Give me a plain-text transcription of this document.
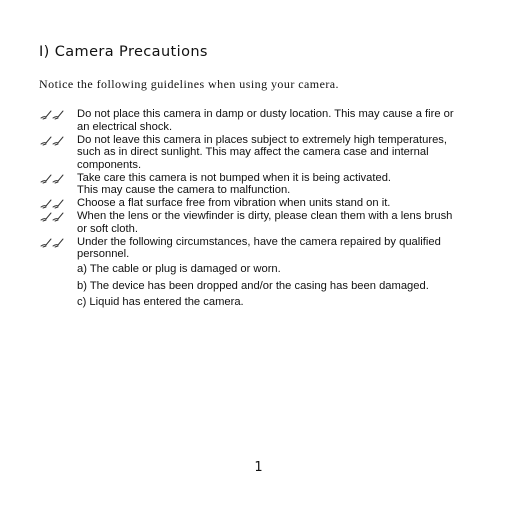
I) Camera Precautions
Notice the following guidelines when using your camera.
Do not place this camera in damp or dusty location. This may cause a fire or
an electrical shock.
Do not leave this camera in places subject to extremely high temperatures,
such as in direct sunlight. This may affect the camera case and internal
components.
Take care this camera is not bumped when it is being activated.
This may cause the camera to malfunction.
Choose a flat surface free from vibration when units stand on it.
When the lens or the viewfinder is dirty, please clean them with a lens brush
or soft cloth.
Under the following circumstances, have the camera repaired by qualified
personnel.
a) The cable or plug is damaged or worn.
b) The device has been dropped and/or the casing has been damaged.
c) Liquid has entered the camera.
1
